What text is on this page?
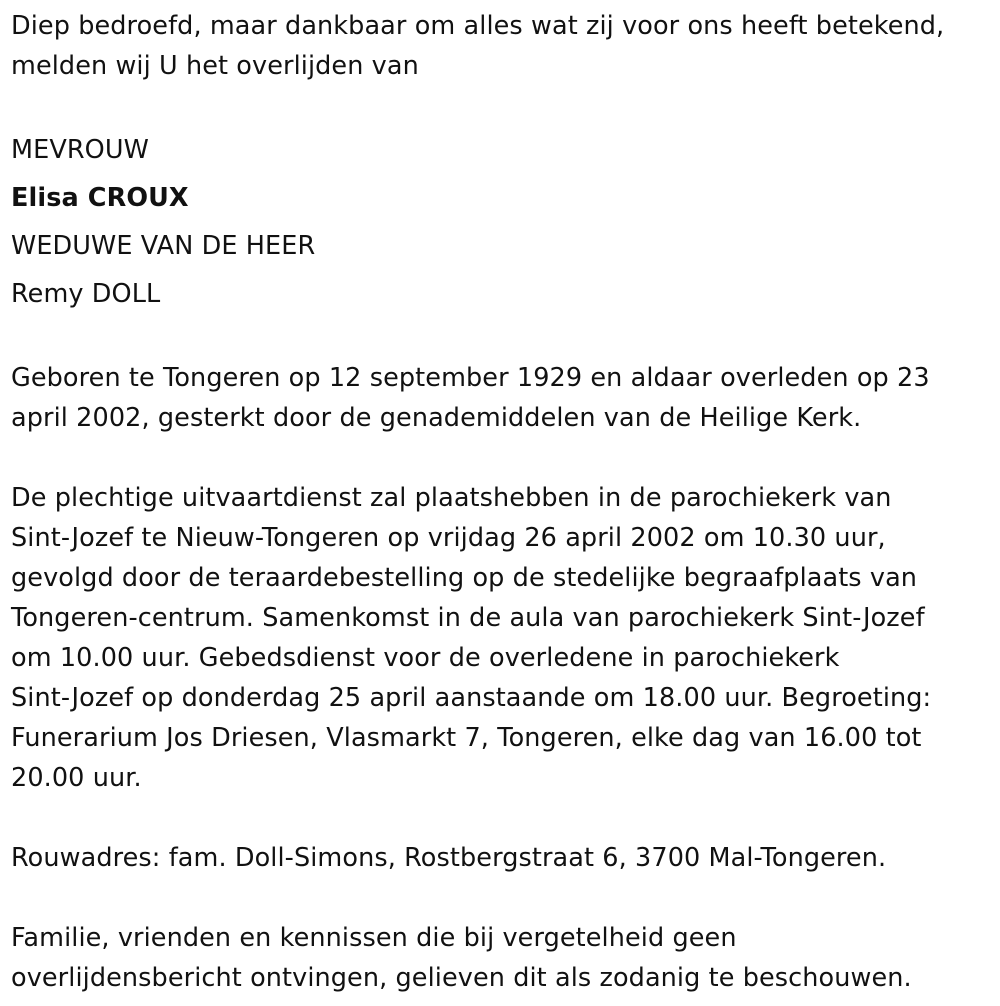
Diep bedroefd, maar dankbaar om alles wat zij voor ons heeft betekend,

melden wij U het overlijden van

MEVROUW

Elisa CROUX

WEDUWE VAN DE HEER

Remy DOLL

Geboren te Tongeren op 12 september 1929 en aldaar overleden op 23

april 2002, gesterkt door de genademiddelen van de Heilige Kerk.

De plechtige uitvaartdienst zal plaatshebben in de parochiekerk van

Sint-Jozef te Nieuw-Tongeren op vrijdag 26 april 2002 om 10.30 uur,

gevolgd door de teraardebestelling op de stedelijke begraafplaats van

Tongeren-centrum. Samenkomst in de aula van parochiekerk Sint-Jozef

om 10.00 uur. Gebedsdienst voor de overledene in parochiekerk

Sint-Jozef op donderdag 25 april aanstaande om 18.00 uur. Begroeting:

Funerarium Jos Driesen, Vlasmarkt 7, Tongeren, elke dag van 16.00 tot

20.00 uur.

Rouwadres: fam. Doll-Simons, Rostbergstraat 6, 3700 Mal-Tongeren.

Familie, vrienden en kennissen die bij vergetelheid geen

overlijdensbericht ontvingen, gelieven dit als zodanig te beschouwen.
